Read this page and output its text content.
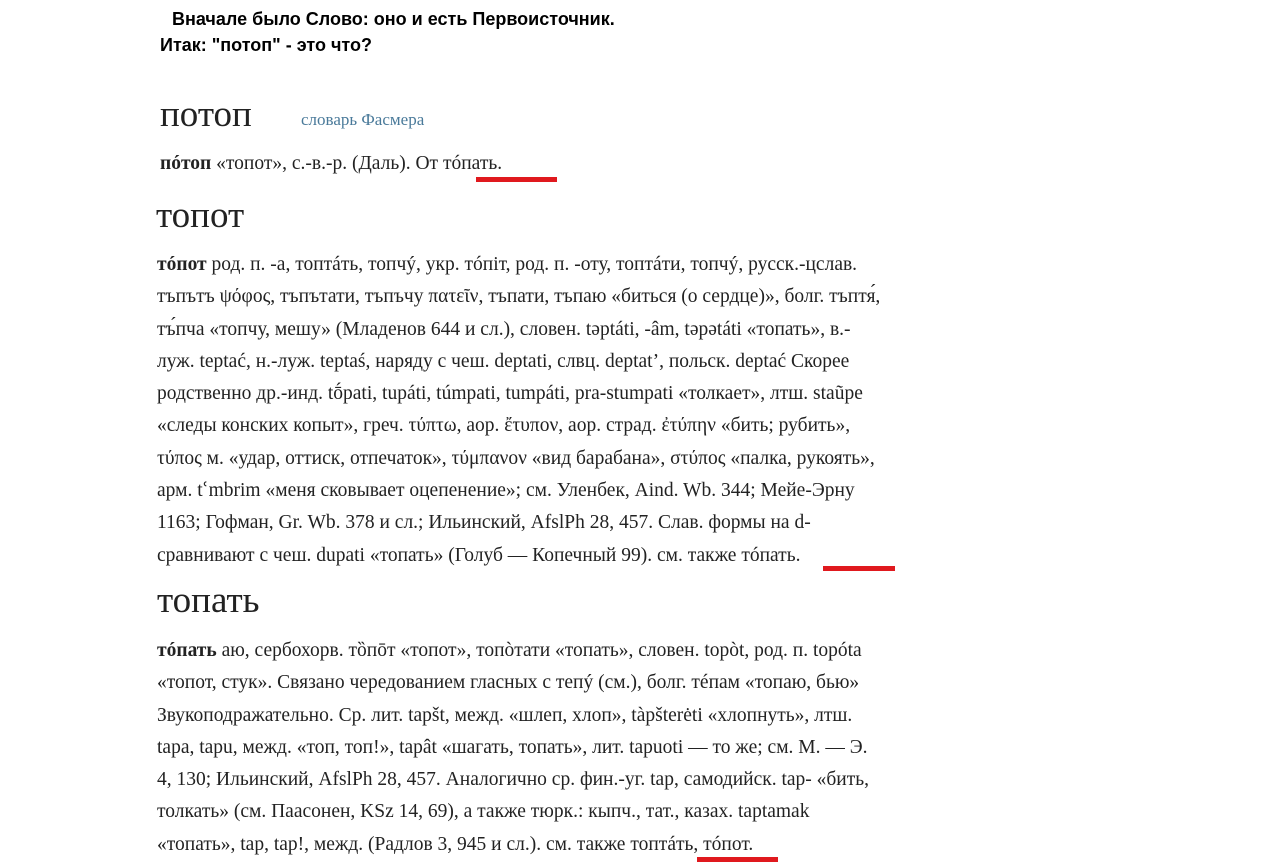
Вначале было Слово: оно и есть Первоисточник.
Итак: "потоп" - это что?
потоп	словарь Фасмера
пóтоп «топот», с.-в.-р. (Даль). От тóпать.
топот
тóпот род. п. -а, топтáть, топчý, укр. тóпiт, род. п. -оту, топтáти, топчý, русск.-цслав.
тъпътъ ψόφος, тъпътати, тъпъчу πατεῖν, тъпати, тъпаю «биться (о сердце)», болг. тъптя́,
тъ́пча «топчу, мешу» (Младенов 644 и сл.), словен. təptáti, -âm, təpətáti «топать», в.-
луж. teptać, н.-луж. teptaś, наряду с чеш. deptati, слвц. deptat’, польск. deptać Скорее
родственно др.-инд. tṓpati, tupáti, túmpati, tumpáti, pra-stumpati «толкает», лтш. staũpe
«следы конских копыт», греч. τύπτω, аор. ἔτυπον, аор. страд. ἐτύπην «бить; рубить»,
τύπος м. «удар, оттиск, отпечаток», τύμπανον «вид барабана», στύπος «палка, рукоять»,
арм. tՙmbrim «меня сковывает оцепенение»; см. Уленбек, Aind. Wb. 344; Мейе-Эрну
1163; Гофман, Gr. Wb. 378 и сл.; Ильинский, AfslPh 28, 457. Слав. формы на d-
сравнивают с чеш. dupati «топать» (Голуб — Копечный 99). см. также тóпать.
топать
тóпать аю, сербохорв. тȍпōт «топот», топòтати «топать», словен. topòt, род. п. topóta
«топот, стук». Связано чередованием гласных с тепý (см.), болг. тéпам «топаю, бью»
Звукоподражательно. Ср. лит. tapšt, межд. «шлеп, хлоп», tàpšterėti «хлопнуть», лтш.
tapa, tapu, межд. «топ, топ!», tapât «шагать, топать», лит. tapuoti — то же; см. М. — Э.
4, 130; Ильинский, AfslPh 28, 457. Аналогично ср. фин.-уг. tap, самодийск. tap- «бить,
толкать» (см. Паасонен, KSz 14, 69), а также тюрк.: кыпч., тат., казах. taptamak
«топать», tap, tap!, межд. (Радлов 3, 945 и сл.). см. также топтáть, тóпот.
